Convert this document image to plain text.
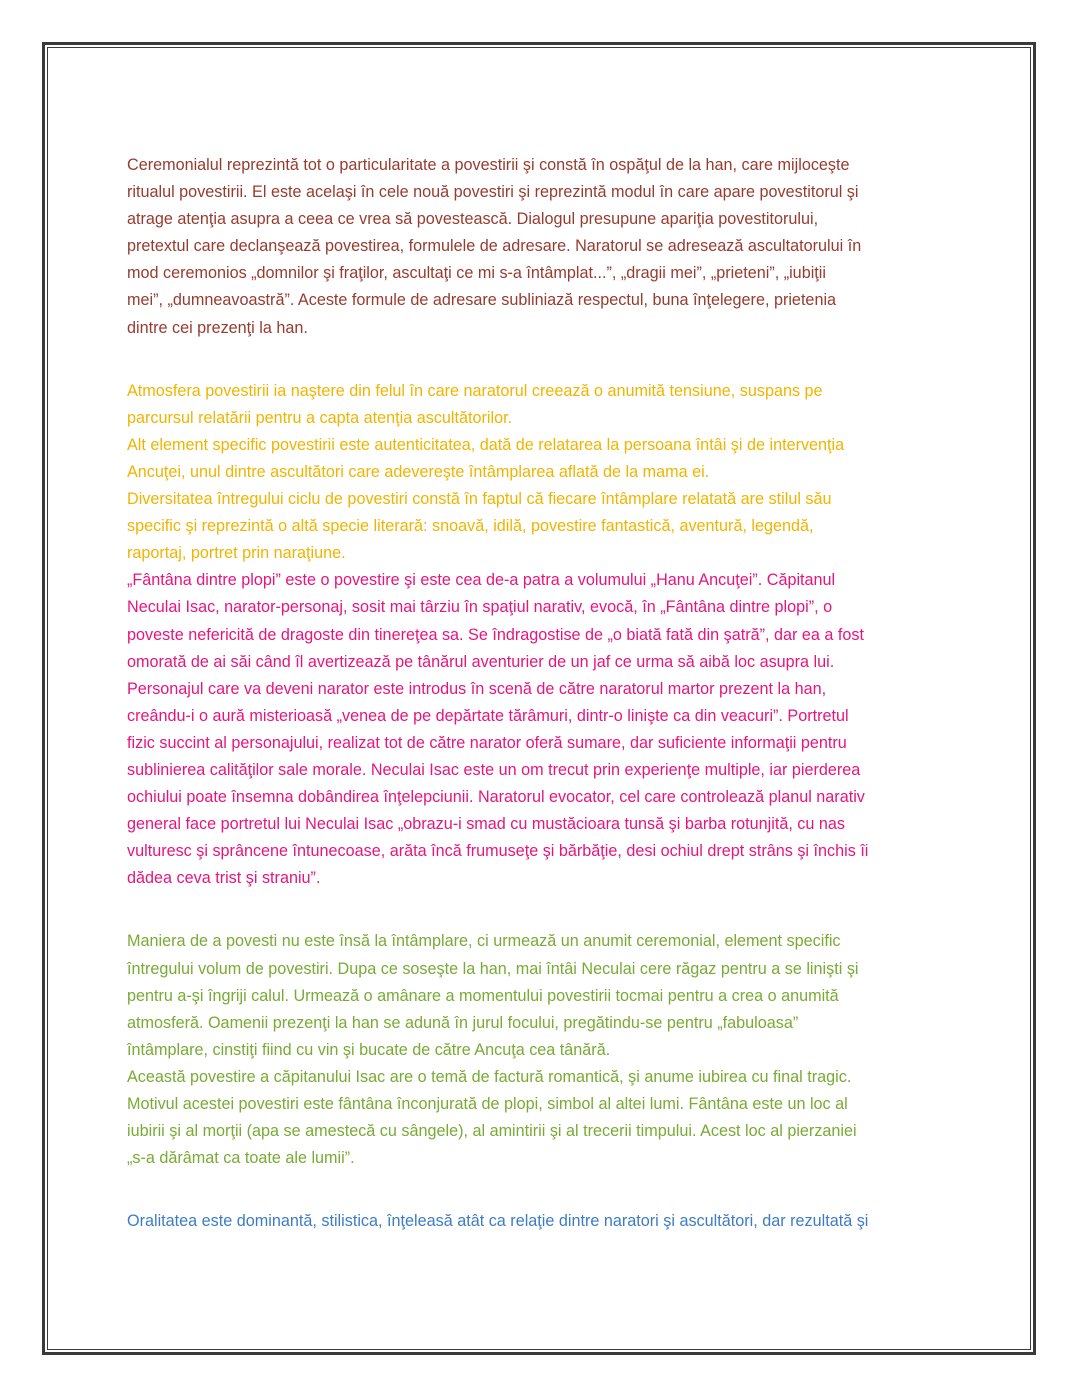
Ceremonialul reprezintă tot o particularitate a povestirii şi constă în ospăţul de la han, care mijloceşte

ritualul povestirii. El este acelaşi în cele nouă povestiri şi reprezintă modul în care apare povestitorul şi

atrage atenţia asupra a ceea ce vrea să povestească. Dialogul presupune apariţia povestitorului,

pretextul care declanşează povestirea, formulele de adresare. Naratorul se adresează ascultatorului în

mod ceremonios „domnilor şi fraţilor, ascultaţi ce mi s-a întâmplat...”, „dragii mei”, „prieteni”, „iubiţii

mei”, „dumneavoastră”. Aceste formule de adresare subliniază respectul, buna înţelegere, prietenia

dintre cei prezenţi la han.

Atmosfera povestirii ia naştere din felul în care naratorul creează o anumită tensiune, suspans pe

parcursul relatării pentru a capta atenţia ascultătorilor.

Alt element specific povestirii este autenticitatea, dată de relatarea la persoana întâi şi de intervenţia

Ancuţei, unul dintre ascultători care adevereşte întâmplarea aflată de la mama ei.

Diversitatea întregului ciclu de povestiri constă în faptul că fiecare întâmplare relatată are stilul său

specific şi reprezintă o altă specie literară: snoavă, idilă, povestire fantastică, aventură, legendă,

raportaj, portret prin naraţiune.

„Fântâna dintre plopi” este o povestire şi este cea de-a patra a volumului „Hanu Ancuţei”. Căpitanul

Neculai Isac, narator-personaj, sosit mai târziu în spaţiul narativ, evocă, în „Fântâna dintre plopi”, o

poveste nefericită de dragoste din tinereţea sa. Se îndragostise de „o biată fată din şatră”, dar ea a fost

omorată de ai săi când îl avertizează pe tânărul aventurier de un jaf ce urma să aibă loc asupra lui.

Personajul care va deveni narator este introdus în scenă de către naratorul martor prezent la han,

creându-i o aură misterioasă „venea de pe depărtate tărâmuri, dintr-o linişte ca din veacuri”. Portretul

fizic succint al personajului, realizat tot de către narator oferă sumare, dar suficiente informaţii pentru

sublinierea calităţilor sale morale. Neculai Isac este un om trecut prin experienţe multiple, iar pierderea

ochiului poate însemna dobândirea înţelepciunii. Naratorul evocator, cel care controlează planul narativ

general face portretul lui Neculai Isac „obrazu-i smad cu mustăcioara tunsă şi barba rotunjită, cu nas

vulturesc şi sprâncene întunecoase, arăta încă frumuseţe şi bărbăţie, desi ochiul drept strâns şi închis îi

dădea ceva trist şi straniu”.

Maniera de a povesti nu este însă la întâmplare, ci urmează un anumit ceremonial, element specific

întregului volum de povestiri. Dupa ce soseşte la han, mai întâi Neculai cere răgaz pentru a se linişti şi

pentru a-şi îngriji calul. Urmează o amânare a momentului povestirii tocmai pentru a crea o anumită

atmosferă. Oamenii prezenţi la han se adună în jurul focului, pregătindu-se pentru „fabuloasa”

întâmplare, cinstiţi fiind cu vin şi bucate de către Ancuţa cea tânără.

Această povestire a căpitanului Isac are o temă de factură romantică, şi anume iubirea cu final tragic.

Motivul acestei povestiri este fântâna înconjurată de plopi, simbol al altei lumi. Fântâna este un loc al

iubirii şi al morţii (apa se amestecă cu sângele), al amintirii şi al trecerii timpului. Acest loc al pierzaniei

„s-a dărâmat ca toate ale lumii”.

Oralitatea este dominantă, stilistica, înţeleasă atât ca relaţie dintre naratori şi ascultători, dar rezultată şi
